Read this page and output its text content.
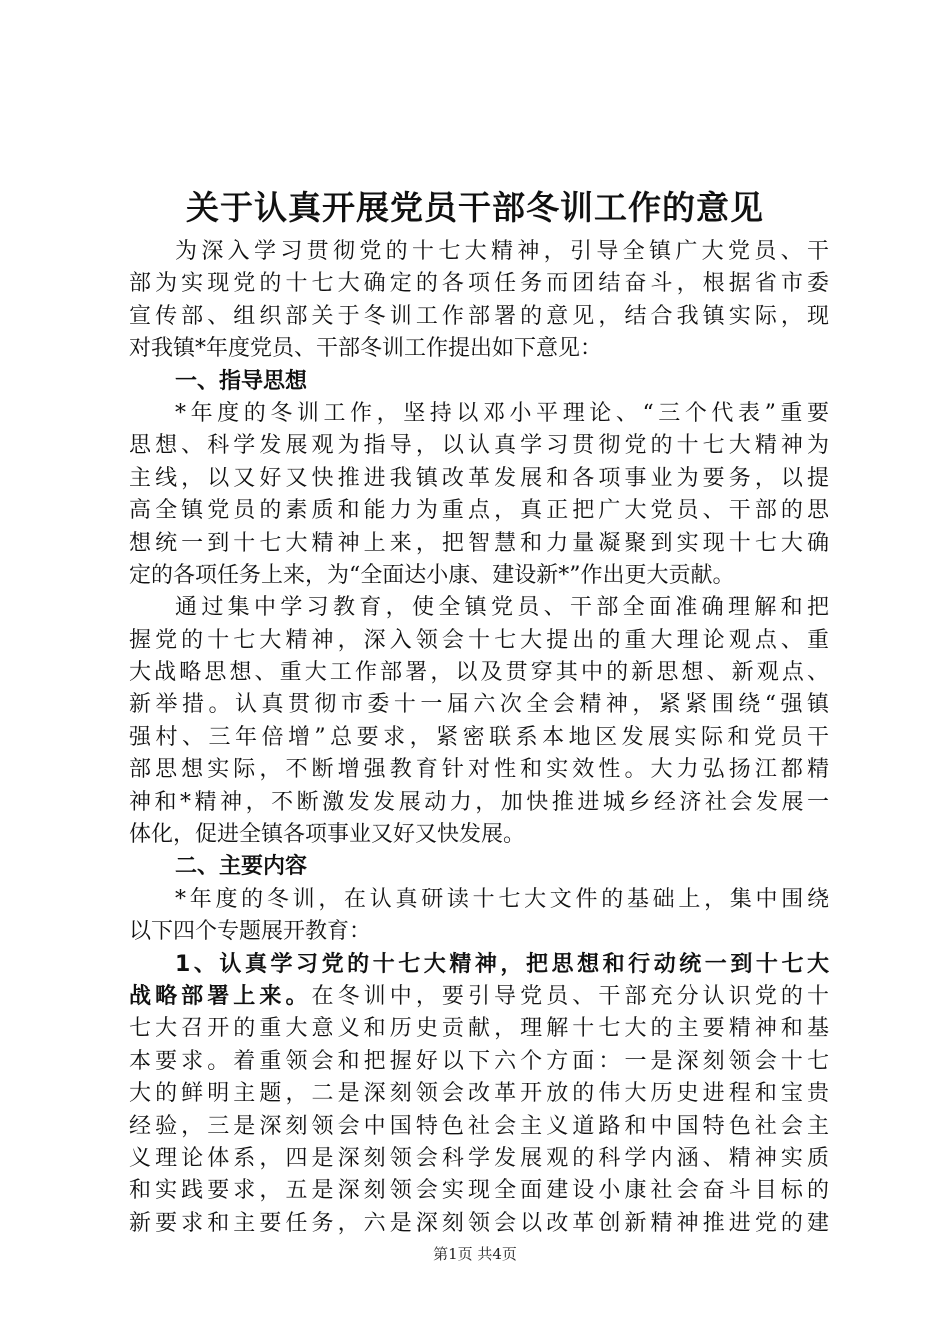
关于认真开展党员干部冬训工作的意见
为深入学习贯彻党的十七大精神，引导全镇广大党员、干
部为实现党的十七大确定的各项任务而团结奋斗，根据省市委
宣传部、组织部关于冬训工作部署的意见，结合我镇实际，现
对我镇*年度党员、干部冬训工作提出如下意见：
一、指导思想
*年度的冬训工作，坚持以邓小平理论、“三个代表”重要
思想、科学发展观为指导，以认真学习贯彻党的十七大精神为
主线，以又好又快推进我镇改革发展和各项事业为要务，以提
高全镇党员的素质和能力为重点，真正把广大党员、干部的思
想统一到十七大精神上来，把智慧和力量凝聚到实现十七大确
定的各项任务上来，为“全面达小康、建设新*”作出更大贡献。
通过集中学习教育，使全镇党员、干部全面准确理解和把
握党的十七大精神，深入领会十七大提出的重大理论观点、重
大战略思想、重大工作部署，以及贯穿其中的新思想、新观点、
新举措。认真贯彻市委十一届六次全会精神，紧紧围绕“强镇
强村、三年倍增”总要求，紧密联系本地区发展实际和党员干
部思想实际，不断增强教育针对性和实效性。大力弘扬江都精
神和*精神，不断激发发展动力，加快推进城乡经济社会发展一
体化，促进全镇各项事业又好又快发展。
二、主要内容
*年度的冬训，在认真研读十七大文件的基础上，集中围绕
以下四个专题展开教育：
1、认真学习党的十七大精神，把思想和行动统一到十七大
战略部署上来。在冬训中，要引导党员、干部充分认识党的十
七大召开的重大意义和历史贡献，理解十七大的主要精神和基
本要求。着重领会和把握好以下六个方面：一是深刻领会十七
大的鲜明主题，二是深刻领会改革开放的伟大历史进程和宝贵
经验，三是深刻领会中国特色社会主义道路和中国特色社会主
义理论体系，四是深刻领会科学发展观的科学内涵、精神实质
和实践要求，五是深刻领会实现全面建设小康社会奋斗目标的
新要求和主要任务，六是深刻领会以改革创新精神推进党的建
第1页 共4页
